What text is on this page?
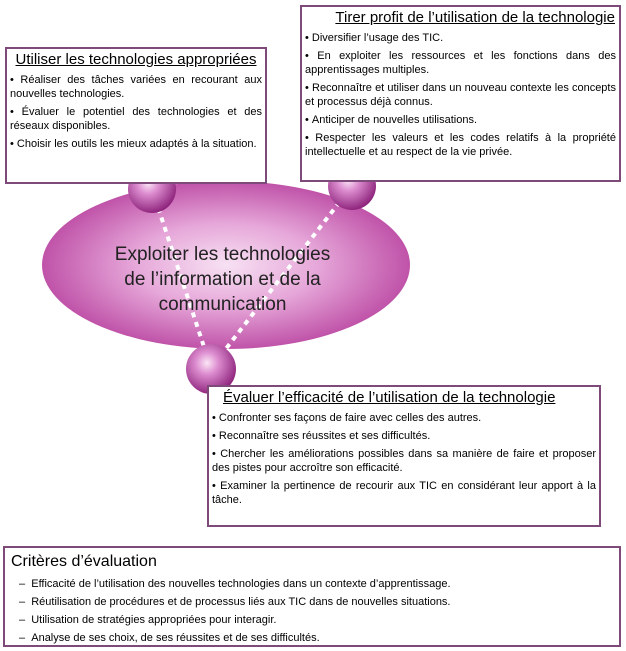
Exploiter les technologies
de l’information et de la
communication
Utiliser les technologies appropriées
• Réaliser des tâches variées en recourant aux nouvelles technologies.
• Évaluer le potentiel des technologies et des réseaux disponibles.
• Choisir les outils les mieux adaptés à la situation.
Tirer profit de l’utilisation de la technologie
• Diversifier l’usage des TIC.
• En exploiter les ressources et les fonctions dans des apprentissages multiples.
• Reconnaître et utiliser dans un nouveau contexte les concepts et processus déjà connus.
• Anticiper de nouvelles utilisations.
• Respecter les valeurs et les codes relatifs à la propriété intellectuelle et au respect de la vie privée.
Évaluer l’efficacité de l’utilisation de la technologie
• Confronter ses façons de faire avec celles des autres.
• Reconnaître ses réussites et ses difficultés.
• Chercher les améliorations possibles dans sa manière de faire et proposer des pistes pour accroître son efficacité.
• Examiner la pertinence de recourir aux TIC en considérant leur apport à la tâche.
Critères d’évaluation
–  Efficacité de l’utilisation des nouvelles technologies dans un contexte d’apprentissage.
–  Réutilisation de procédures et de processus liés aux TIC dans de nouvelles situations.
–  Utilisation de stratégies appropriées pour interagir.
–  Analyse de ses choix, de ses réussites et de ses difficultés.
